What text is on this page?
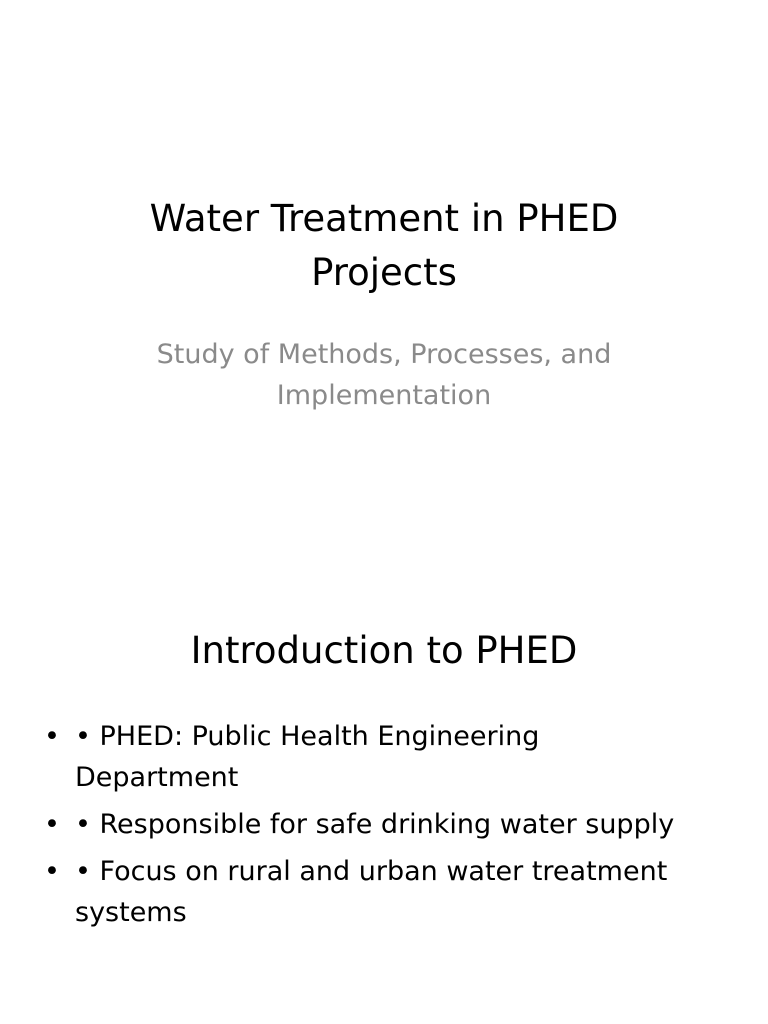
Water Treatment in PHED Projects

Study of Methods, Processes, and Implementation

Introduction to PHED
• • PHED: Public Health Engineering Department
• • Responsible for safe drinking water supply
• • Focus on rural and urban water treatment systems
